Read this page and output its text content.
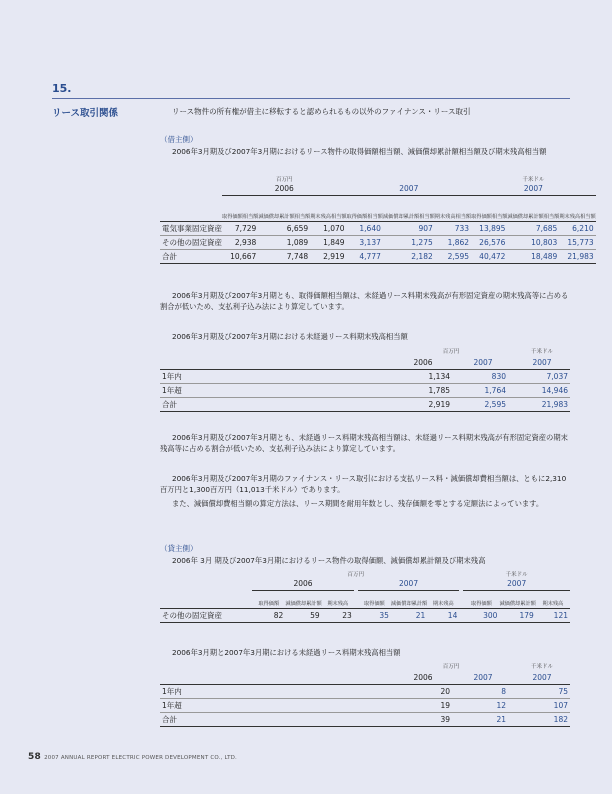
15.
リース取引関係	リース物件の所有権が借主に移転すると認められるもの以外のファイナンス・リース取引
（借主側）

2006年3月期及び2007年3月期におけるリース物件の取得価額相当額、減価償却累計額相当額及び期末残高相当額

	百万円						千米ドル		
	2006			2007			2007		
	取得価額相当額	減価償却累計額相当額	期末残高相当額		取得価額相当額	減価償却累計額相当額	期末残高相当額		取得価額相当額	減価償却累計額相当額	期末残高相当額
電気事業固定資産	7,729	6,659	1,070		1,640	907	733		13,895	7,685	6,210
その他の固定資産	2,938	1,089	1,849		3,137	1,275	1,862		26,576	10,803	15,773
合計	10,667	7,748	2,919		4,777	2,182	2,595		40,472	18,489	21,983

2006年3月期及び2007年3月期とも、取得価額相当額は、未経過リース料期末残高が有形固定資産の期末残高等に占める割合が低いため、支払利子込み法により算定しています。

2006年3月期及び2007年3月期における未経過リース料期末残高相当額

	百万円				千米ドル
	2006		2007		2007
1年内	1,134		830		7,037
1年超	1,785		1,764		14,946
合計	2,919		2,595		21,983

2006年3月期及び2007年3月期とも、未経過リース料期末残高相当額は、未経過リース料期末残高が有形固定資産の期末残高等に占める割合が低いため、支払利子込み法により算定しています。

2006年3月期及び2007年3月期のファイナンス・リース取引における支払リース料・減価償却費相当額は、ともに2,310百万円と1,300百万円（11,013千米ドル）であります。

また、減価償却費相当額の算定方法は、リース期間を耐用年数とし、残存価額を零とする定額法によっています。

（貸主側）

2006年 3月 期及び2007年3月期におけるリース物件の取得価額、減価償却累計額及び期末残高

	百万円								千米ドル		
	2006				2007				2007		
	取得価額	減価償却累計額	期末残高		取得価額	減価償却累計額	期末残高		取得価額	減価償却累計額	期末残高
その他の固定資産	82	59	23		35	21	14		300	179	121

2006年3月期と2007年3月期における未経過リース料期末残高相当額

	百万円				千米ドル
	2006		2007		2007
1年内	20		8		75
1年超	19		12		107
合計	39		21		182
58 2007 ANNUAL REPORT ELECTRIC POWER DEVELOPMENT CO., LTD.
